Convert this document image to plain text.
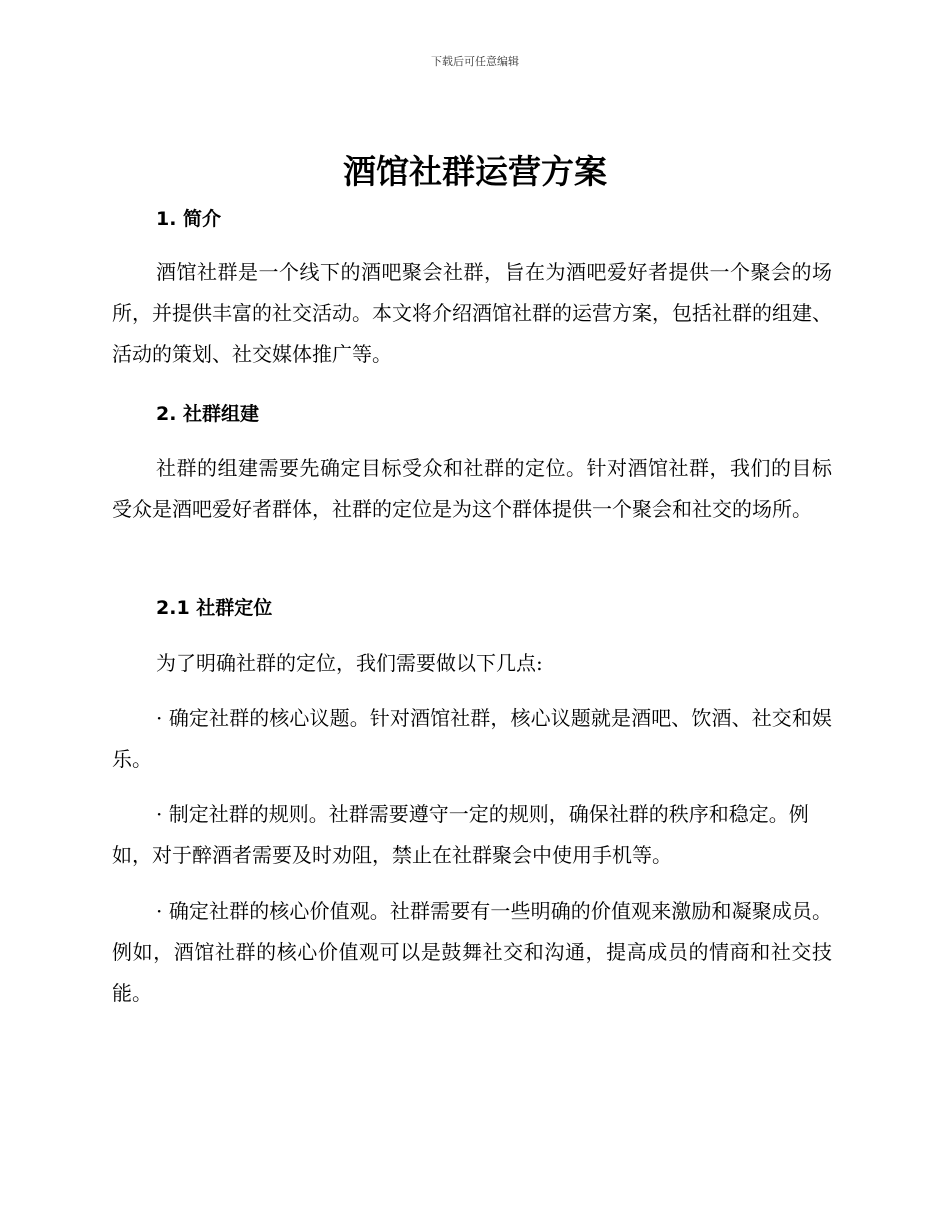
下载后可任意编辑
酒馆社群运营方案
1. 简介

酒馆社群是一个线下的酒吧聚会社群，旨在为酒吧爱好者提供一个聚会的场所，并提供丰富的社交活动。本文将介绍酒馆社群的运营方案，包括社群的组建、活动的策划、社交媒体推广等。

2. 社群组建

社群的组建需要先确定目标受众和社群的定位。针对酒馆社群，我们的目标受众是酒吧爱好者群体，社群的定位是为这个群体提供一个聚会和社交的场所。

2.1 社群定位

为了明确社群的定位，我们需要做以下几点:

· 确定社群的核心议题。针对酒馆社群，核心议题就是酒吧、饮酒、社交和娱乐。

· 制定社群的规则。社群需要遵守一定的规则，确保社群的秩序和稳定。例如，对于醉酒者需要及时劝阻，禁止在社群聚会中使用手机等。

· 确定社群的核心价值观。社群需要有一些明确的价值观来激励和凝聚成员。例如，酒馆社群的核心价值观可以是鼓舞社交和沟通，提高成员的情商和社交技能。
